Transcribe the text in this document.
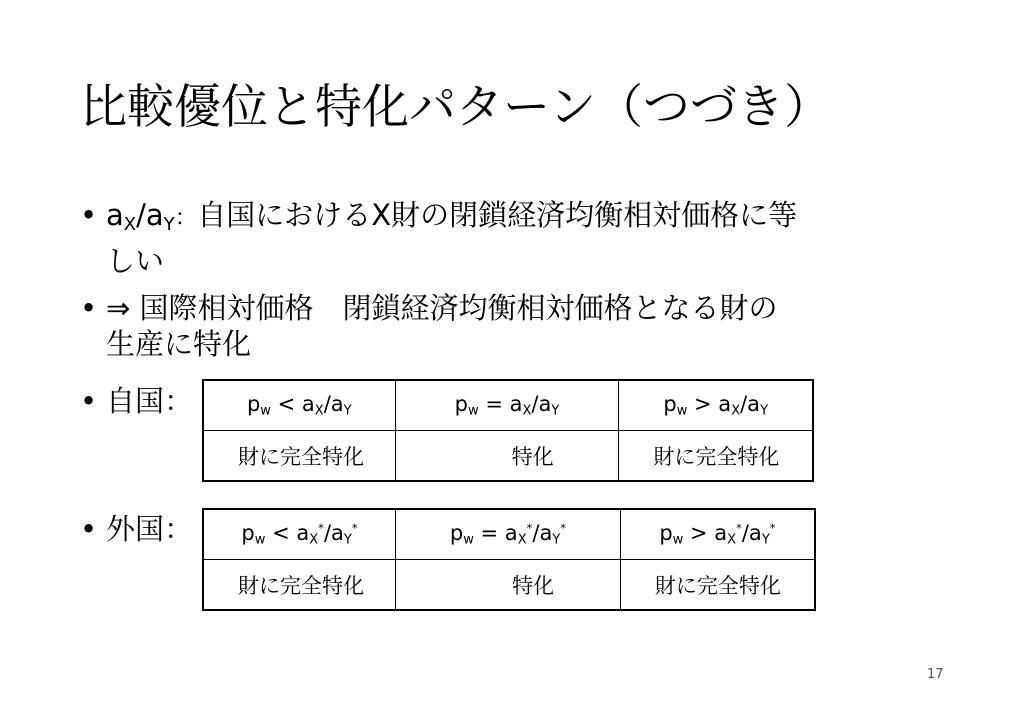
比較優位と特化パターン（つづき）
• $a_X/a_Y$：自国におけるX財の閉鎖経済均衡相対価格に等
しい
• ⇒ 国際相対価格　閉鎖経済均衡相対価格となる財の
生産に特化
• 自国：
• 外国：
$p_w < a_X/a_Y$	$p_w = a_X/a_Y$	$p_w > a_X/a_Y$
財に完全特化	特化	財に完全特化
$p_w < a_X^*/a_Y^*$	$p_w = a_X^*/a_Y^*$	$p_w > a_X^*/a_Y^*$
財に完全特化	特化	財に完全特化
17
